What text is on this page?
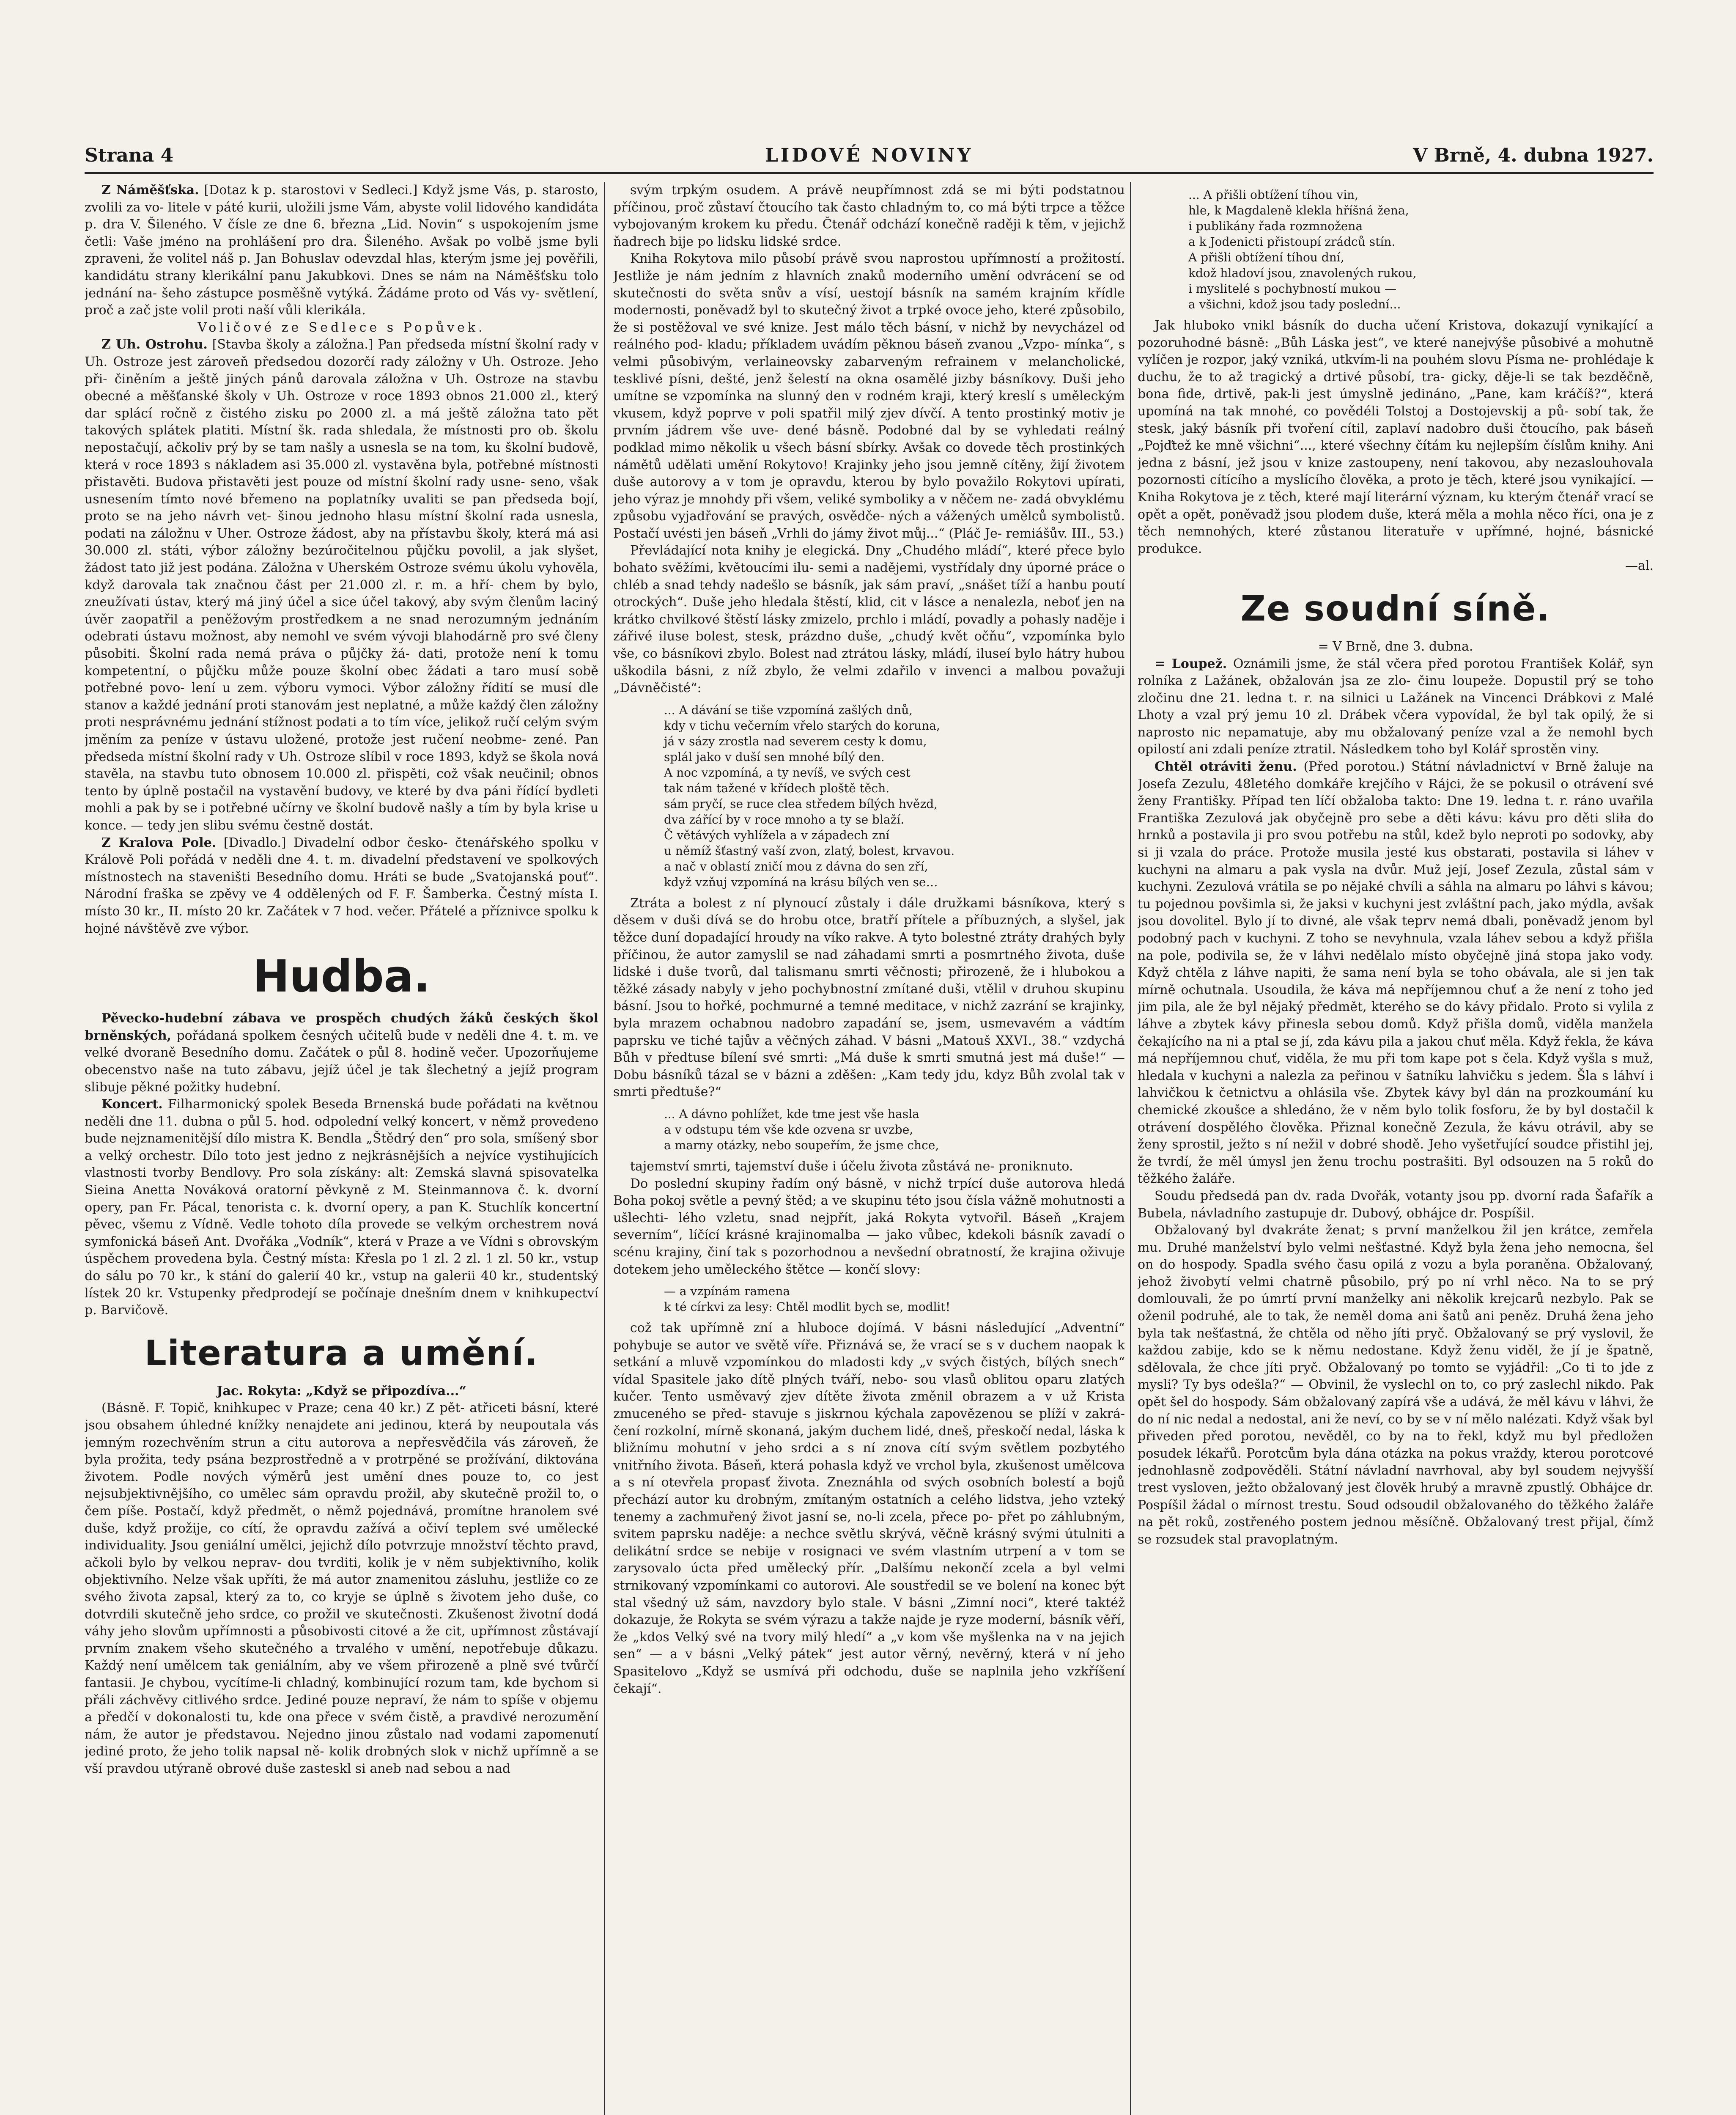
Strana 4	LIDOVÉ NOVINY	V Brně, 4. dubna 1927.

Z Náměšťska. [Dotaz k p. starostovi v Sedleci.] Když jsme Vás, p. starosto, zvolili za vo- litele v páté kurii, uložili jsme Vám, abyste volil lidového kandidáta p. dra V. Šileného. V čísle ze dne 6. března „Lid. Novin“ s uspokojením jsme četli: Vaše jméno na prohlášení pro dra. Šileného. Avšak po volbě jsme byli zpraveni, že volitel náš p. Jan Bohuslav odevzdal hlas, kterým jsme jej pověřili, kandidátu strany klerikální panu Jakubkovi. Dnes se nám na Náměšťsku tolo jednání na- šeho zástupce posměšně vytýká. Žádáme proto od Vás vy- světlení, proč a zač jste volil proti naší vůli klerikála.

Voličové ze Sedlece s Popůvek.

Z Uh. Ostrohu. [Stavba školy a záložna.] Pan předseda místní školní rady v Uh. Ostroze jest zároveň předsedou dozorčí rady záložny v Uh. Ostroze. Jeho při- činěním a ještě jiných pánů darovala záložna v Uh. Ostroze na stavbu obecné a měšťanské školy v Uh. Ostroze v roce 1893 obnos 21.000 zl., který dar splácí ročně z čistého zisku po 2000 zl. a má ještě záložna tato pět takových splátek platiti. Místní šk. rada shledala, že místnosti pro ob. školu nepostačují, ačkoliv prý by se tam našly a usnesla se na tom, ku školní budově, která v roce 1893 s nákladem asi 35.000 zl. vystavěna byla, potřebné místnosti přistavěti. Budova přistavěti jest pouze od místní školní rady usne- seno, však usnesením tímto nové břemeno na poplatníky uvaliti se pan předseda bojí, proto se na jeho návrh vet- šinou jednoho hlasu místní školní rada usnesla, podati na záložnu v Uher. Ostroze žádost, aby na přístavbu školy, která má asi 30.000 zl. státi, výbor záložny bezúročitelnou půjčku povolil, a jak slyšet, žádost tato již jest podána. Záložna v Uherském Ostroze svému úkolu vyhověla, když darovala tak značnou část per 21.000 zl. r. m. a hří- chem by bylo, zneužívati ústav, který má jiný účel a sice účel takový, aby svým členům laciný úvěr zaopatřil a peněžovým prostředkem a ne snad nerozumným jednáním odebrati ústavu možnost, aby nemohl ve svém vývoji blahodárně pro své členy působiti. Školní rada nemá práva o půjčky žá- dati, protože není k tomu kompetentní, o půjčku může pouze školní obec žádati a taro musí sobě potřebné povo- lení u zem. výboru vymoci. Výbor záložny řídití se musí dle stanov a každé jednání proti stanovám jest neplatné, a může každý člen záložny proti nesprávnému jednání stížnost podati a to tím více, jelikož ručí celým svým jměním za peníze v ústavu uložené, protože jest ručení neobme- zené. Pan předseda místní školní rady v Uh. Ostroze slíbil v roce 1893, když se škola nová stavěla, na stavbu tuto obnosem 10.000 zl. přispěti, což však neučinil; obnos tento by úplně postačil na vystavění budovy, ve které by dva páni řídící bydleti mohli a pak by se i potřebné učírny ve školní budově našly a tím by byla krise u konce. — tedy jen slibu svému čestně dostát.

Z Kralova Pole. [Divadlo.] Divadelní odbor česko- čtenářského spolku v Králově Poli pořádá v neděli dne 4. t. m. divadelní představení ve spolkových místnostech na staveništi Besedního domu. Hráti se bude „Svatojanská pouť“. Národní fraška se zpěvy ve 4 oddělených od F. F. Šamberka. Čestný místa I. místo 30 kr., II. místo 20 kr. Začátek v 7 hod. večer. Přátelé a příznivce spolku k hojné návštěvě zve výbor.

Hudba.

Pěvecko-hudební zábava ve prospěch chudých žáků českých škol brněnských, pořádaná spolkem česných učitelů bude v neděli dne 4. t. m. ve velké dvoraně Besedního domu. Začátek o půl 8. hodině večer. Upozorňujeme obecenstvo naše na tuto zábavu, jejíž účel je tak šlechetný a jejíž program slibuje pěkné požitky hudební.

Koncert. Filharmonický spolek Beseda Brnenská bude pořádati na květnou neděli dne 11. dubna o půl 5. hod. odpolední velký koncert, v němž provedeno bude nejznamenitější dílo mistra K. Bendla „Štědrý den“ pro sola, smíšený sbor a velký orchestr. Dílo toto jest jedno z nejkrásnějších a nejvíce vystihujících vlastnosti tvorby Bendlovy. Pro sola získány: alt: Zemská slavná spisovatelka Sieina Anetta Nováková oratorní pěvkyně z M. Steinmannova č. k. dvorní opery, pan Fr. Pácal, tenorista c. k. dvorní opery, a pan K. Stuchlík koncertní pěvec, všemu z Vídně. Vedle tohoto díla provede se velkým orchestrem nová symfonická báseň Ant. Dvořáka „Vodník“, která v Praze a ve Vídni s obrovským úspěchem provedena byla. Čestný místa: Křesla po 1 zl. 2 zl. 1 zl. 50 kr., vstup do sálu po 70 kr., k stání do galerií 40 kr., vstup na galerii 40 kr., studentský lístek 20 kr. Vstupenky předprodejí se počínaje dnešním dnem v knihkupectví p. Barvičově.

Literatura a umění.

Jac. Rokyta: „Když se připozdíva...“

(Básně. F. Topič, knihkupec v Praze; cena 40 kr.) Z pět- atřiceti básní, které jsou obsahem úhledné knížky nenajdete ani jedinou, která by neupoutala vás jemným rozechvěním strun a citu autorova a nepřesvědčila vás zároveň, že byla prožita, tedy psána bezprostředně a v protrpěné se prožívání, diktována životem. Podle nových výměrů jest umění dnes pouze to, co jest nejsubjektivnějšího, co umělec sám opravdu prožil, aby skutečně prožil to, o čem píše. Postačí, když předmět, o němž pojednává, promítne hranolem své duše, když prožije, co cítí, že opravdu zažívá a očiví teplem své umělecké individuality. Jsou geniální umělci, jejichž dílo potvrzuje množství těchto pravd, ačkoli bylo by velkou neprav- dou tvrditi, kolik je v něm subjektivního, kolik objektivního. Nelze však upříti, že má autor znamenitou zásluhu, jestliže co ze svého života zapsal, který za to, co kryje se úplně s životem jeho duše, co dotvrdili skutečně jeho srdce, co prožil ve skutečnosti. Zkušenost životní dodá váhy jeho slovům upřímnosti a působivosti citové a že cit, upřímnost zůstávají prvním znakem všeho skutečného a trvalého v umění, nepotřebuje důkazu. Každý není umělcem tak geniálním, aby ve všem přirozeně a plně své tvůrčí fantasii. Je chybou, vycítíme-li chladný, kombinující rozum tam, kde bychom si přáli záchvěvy citlivého srdce. Jediné pouze nepraví, že nám to spíše v objemu a předčí v dokonalosti tu, kde ona přece v svém čistě, a pravdivé nerozumění nám, že autor je představou. Nejedno jinou zůstalo nad vodami zapomenutí jediné proto, že jeho tolik napsal ně- kolik drobných slok v nichž upřímně a se vší pravdou utýraně obrové duše zasteskl si aneb nad sebou a nad

svým trpkým osudem. A právě neupřímnost zdá se mi býti podstatnou příčinou, proč zůstaví čtoucího tak často chladným to, co má býti trpce a těžce vybojovaným krokem ku předu. Čtenář odchází konečně raději k těm, v jejichž ňadrech bije po lidsku lidské srdce.

Kniha Rokytova milo působí právě svou naprostou upřímností a prožitostí. Jestliže je nám jedním z hlavních znaků moderního umění odvrácení se od skutečnosti do světa snův a vísí, uestojí básník na samém krajním křídle modernosti, poněvadž byl to skutečný život a trpké ovoce jeho, které způsobilo, že si postěžoval ve své knize. Jest málo těch básní, v nichž by nevycházel od reálného pod- kladu; příkladem uvádím pěknou báseň zvanou „Vzpo- mínka“, s velmi působivým, verlaineovsky zabarveným refrainem v melancholické, tesklivé písni, dešté, jenž šelestí na okna osamělé jizby básníkovy. Duši jeho umítne se vzpomínka na slunný den v rodném kraji, který kreslí s uměleckým vkusem, když poprve v poli spatřil milý zjev dívčí. A tento prostinký motiv je prvním jádrem vše uve- dené básně. Podobné dal by se vyhledati reálný podklad mimo několik u všech básní sbírky. Avšak co dovede těch prostinkých námětů udělati umění Rokytovo! Krajinky jeho jsou jemně cítěny, žijí životem duše autorovy a v tom je opravdu, kterou by bylo považilo Rokytovi upírati, jeho výraz je mnohdy při všem, veliké symboliky a v něčem ne- zadá obvyklému způsobu vyjadřování se pravých, osvědče- ných a vážených umělců symbolistů. Postačí uvésti jen báseň „Vrhli do jámy život můj...“ (Pláč Je- remiášův. III., 53.)

Převládající nota knihy je elegická. Dny „Chudého mládí“, které přece bylo bohato svěžími, květoucími ilu- semi a nadějemi, vystřídaly dny úporné práce o chléb a snad tehdy nadešlo se básník, jak sám praví, „snášet tíží a hanbu poutí otrockých“. Duše jeho hledala štěstí, klid, cit v lásce a nenalezla, neboť jen na krátko chvilkové štěstí lásky zmizelo, prchlo i mládí, povadly a pohasly naděje i zářivé iluse bolest, stesk, prázdno duše, „chudý květ očňu“, vzpomínka bylo vše, co básníkovi zbylo. Bolest nad ztrátou lásky, mládí, iluseí bylo hátry hubou uškodila básni, z níž zbylo, že velmi zdařilo v invenci a malbou považuji „Dávněčisté“:

... A dávání se tiše vzpomíná zašlých dnů,
kdy v tichu večerním vřelo starých do koruna,
já v sázy zrostla nad severem cesty k domu,
splál jako v duší sen mnohé bílý den.
A noc vzpomíná, a ty nevíš, ve svých cest
tak nám tažené v křídech ploště těch.
sám pryčí, se ruce clea středem bílých hvězd,
dva zářící by v roce mnoho a ty se blaží.
Č větávých vyhlížela a v západech zní
u němíž šťastný vaší zvon, zlatý, bolest, krvavou.
a nač v oblastí zničí mou z dávna do sen zří,
když vzňuj vzpomíná na krásu bílých ven se…

Ztráta a bolest z ní plynoucí zůstaly i dále družkami básníkova, který s děsem v duši dívá se do hrobu otce, bratří přítele a příbuzných, a slyšel, jak těžce duní dopadající hroudy na víko rakve. A tyto bolestné ztráty drahých byly příčinou, že autor zamyslil se nad záhadami smrti a posmrtného života, duše lidské i duše tvorů, dal talismanu smrti věčnosti; přirozeně, že i hlubokou a těžké zásady nabyly v jeho pochybnostní zmítané duši, vtělil v druhou skupinu básní. Jsou to hořké, pochmurné a temné meditace, v nichž zazrání se krajinky, byla mrazem ochabnou nadobro zapadání se, jsem, usmevavém a vádtím paprsku ve tiché tajův a věčných záhad. V básni „Matouš XXVI., 38.“ vzdychá Bůh v předtuse bílení své smrti: „Má duše k smrti smutná jest má duše!“ — Dobu básníků tázal se v bázni a zděšen: „Kam tedy jdu, kdyz Bůh zvolal tak v smrti předtuše?“

... A dávno pohlížet, kde tme jest vše hasla
a v odstupu tém vše kde ozvena sr uvzbe,
a marny otázky, nebo soupeřím, že jsme chce,

tajemství smrti, tajemství duše i účelu života zůstává ne- proniknuto.

Do poslední skupiny řadím oný básně, v nichž trpící duše autorova hledá Boha pokoj světle a pevný štěd; a ve skupinu této jsou čísla vážně mohutnosti a ušlechti- lého vzletu, snad nejpřít, jaká Rokyta vytvořil. Báseň „Krajem severním“, líčící krásné krajinomalba — jako vůbec, kdekoli básník zavadí o scénu krajiny, činí tak s pozorhodnou a nevšední obratností, že krajina oživuje dotekem jeho uměleckého štětce — končí slovy:

— a vzpínám ramena
k té církvi za lesy: Chtěl modlit bych se, modlit!

což tak upřímně zní a hluboce dojímá. V básni následující „Adventní“ pohybuje se autor ve světě víře. Přiznává se, že vrací se s v duchem naopak k setkání a mluvě vzpomínkou do mladosti kdy „v svých čistých, bílých snech“ vídal Spasitele jako dítě plných tváří, nebo- sou vlasů oblitou oparu zlatých kučer. Tento usměvavý zjev dítěte života změnil obrazem a v už Krista zmuceného se před- stavuje s jiskrnou kýchala zapovězenou se plíží v zakrá- čení rozkolní, mírně skonaná, jakým duchem lidé, dneš, přeskočí nedal, láska k bližnímu mohutní v jeho srdci a s ní znova cítí svým světlem pozbytého vnitřního života. Báseň, která pohasla když ve vrchol byla, zkušenost umělcova a s ní otevřela propasť života. Zneznáhla od svých osobních bolestí a bojů přechází autor ku drobným, zmítaným ostatních a celého lidstva, jeho vzteký tenemy a zachmuřený život jasní se, no-li zcela, přece po- přet po záhlubným, svitem paprsku naděje: a nechce světlu skrývá, věčně krásný svými útulniti a delikátní srdce se nebije v rosignaci ve svém vlastním utrpení a v tom se zarysovalo úcta před umělecký přír. „Dalšímu nekončí zcela a byl velmi strnikovaný vzpomínkami co autorovi. Ale soustředil se ve bolení na konec být stal všedný už sám, navzdory bylo stale. V básni „Zimní noci“, které taktéž dokazuje, že Rokyta se svém výrazu a takže najde je ryze moderní, básník věří, že „kdos Velký své na tvory milý hledí“ a „v kom vše myšlenka na v na jejich sen“ — a v básni „Velký pátek“ jest autor věrný, nevěrný, která v ní jeho Spasitelovo „Když se usmívá při odchodu, duše se naplnila jeho vzkříšení čekají“.

... A přišli obtížení tíhou vin,
hle, k Magdaleně klekla hříšná žena,
i publikány řada rozmnožena
a k Jodenicti přistoupí zrádců stín.
A přišli obtížení tíhou dní,
kdož hladoví jsou, znavolených rukou,
i myslitelé s pochybností mukou —
a všichni, kdož jsou tady poslední...

Jak hluboko vnikl básník do ducha učení Kristova, dokazují vynikající a pozoruhodné básně: „Bůh Láska jest“, ve které nanejvýše působivé a mohutně vylíčen je rozpor, jaký vzniká, utkvím-li na pouhém slovu Písma ne- prohlédaje k duchu, že to až tragický a drtivé působí, tra- gicky, děje-li se tak bezděčně, bona fide, drtivě, pak-li jest úmyslně jedináno, „Pane, kam kráčíš?“, která upomíná na tak mnohé, co povědéli Tolstoj a Dostojevskij a pů- sobí tak, že stesk, jaký básník při tvoření cítil, zaplaví nadobro duši čtoucího, pak báseň „Pojďtež ke mně všichni“..., které všechny čítám ku nejlepším číslům knihy. Ani jedna z básní, jež jsou v knize zastoupeny, není takovou, aby nezaslouhovala pozornosti cítícího a myslícího člověka, a proto je těch, které jsou vynikající. — Kniha Rokytova je z těch, které mají literární význam, ku kterým čtenář vrací se opět a opět, poněvadž jsou plodem duše, která měla a mohla něco říci, ona je z těch nemnohých, které zůstanou literatuře v upřímné, hojné, básnické produkce.

—al.

Ze soudní síně.

= V Brně, dne 3. dubna.

= Loupež. Oznámili jsme, že stál včera před porotou František Kolář, syn rolníka z Lažánek, obžalován jsa ze zlo- činu loupeže. Dopustil prý se toho zločinu dne 21. ledna t. r. na silnici u Lažánek na Vincenci Drábkovi z Malé Lhoty a vzal prý jemu 10 zl. Drábek včera vypovídal, že byl tak opilý, že si naprosto nic nepamatuje, aby mu obžalovaný peníze vzal a že nemohl bych opilostí ani zdali peníze ztratil. Následkem toho byl Kolář sprostěn viny.

Chtěl otráviti ženu. (Před porotou.) Státní návladnictví v Brně žaluje na Josefa Zezulu, 48letého domkáře krejčího v Rájci, že se pokusil o otrávení své ženy Františky. Případ ten líčí obžaloba takto: Dne 19. ledna t. r. ráno uvařila Františka Zezulová jak obyčejně pro sebe a děti kávu: kávu pro děti sliła do hrnků a postavila ji pro svou potřebu na stůl, kdež bylo neproti po sodovky, aby si ji vzala do práce. Protože musila jesté kus obstarati, postavila si láhev v kuchyni na almaru a pak vysla na dvůr. Muž její, Josef Zezula, zůstal sám v kuchyni. Zezulová vrátila se po nějaké chvíli a sáhla na almaru po láhvi s kávou; tu pojednou povšimla si, že jaksi v kuchyni jest zvláštní pach, jako mýdla, avšak jsou dovolitel. Bylo jí to divné, ale však teprv nemá dbali, poněvadž jenom byl podobný pach v kuchyni. Z toho se nevyhnula, vzala láhev sebou a když přišla na pole, podivila se, že v láhvi nedělalo místo obyčejně jiná stopa jako vody. Když chtěla z láhve napiti, že sama není byla se toho obávala, ale si jen tak mírně ochutnala. Usoudila, že káva má nepříjemnou chuť a že není z toho jed jim pila, ale že byl nějaký předmět, kterého se do kávy přidalo. Proto si vylila z láhve a zbytek kávy přinesla sebou domů. Když přišla domů, viděla manžela čekajícího na ni a ptal se jí, zda kávu pila a jakou chuť měla. Když řekla, že káva má nepříjemnou chuť, viděla, že mu při tom kape pot s čela. Když vyšla s muž, hledala v kuchyni a nalezla za peřinou v šatníku lahvičku s jedem. Šla s láhví i lahvičkou k četnictvu a ohlásila vše. Zbytek kávy byl dán na prozkoumání ku chemické zkoušce a shledáno, že v něm bylo tolik fosforu, že by byl dostačil k otrávení dospělého člověka. Přiznal konečně Zezula, že kávu otrávil, aby se ženy sprostil, ježto s ní nežil v dobré shodě. Jeho vyšetřující soudce přistihl jej, že tvrdí, že měl úmysl jen ženu trochu postrašiti. Byl odsouzen na 5 roků do těžkého žaláře.

Soudu předsedá pan dv. rada Dvořák, votanty jsou pp. dvorní rada Šafařík a Bubela, návladního zastupuje dr. Dubový, obhájce dr. Pospíšil.

Obžalovaný byl dvakráte ženat; s první manželkou žil jen krátce, zemřela mu. Druhé manželství bylo velmi nešťastné. Když byla žena jeho nemocna, šel on do hospody. Spadla svého času opilá z vozu a byla poraněna. Obžalovaný, jehož živobytí velmi chatrně působilo, prý po ní vrhl něco. Na to se prý domlouvali, že po úmrtí první manželky ani několik krejcarů nezbylo. Pak se oženil podruhé, ale to tak, že neměl doma ani šatů ani peněz. Druhá žena jeho byla tak nešťastná, že chtěla od něho jíti pryč. Obžalovaný se prý vyslovil, že každou zabije, kdo se k němu nedostane. Když ženu viděl, že jí je špatně, sdělovala, že chce jíti pryč. Obžalovaný po tomto se vyjádřil: „Co ti to jde z mysli? Ty bys odešla?“ — Obvinil, že vyslechl on to, co prý zaslechl nikdo. Pak opět šel do hospody. Sám obžalovaný zapírá vše a udává, že měl kávu v láhvi, že do ní nic nedal a nedostal, ani že neví, co by se v ní mělo nalézati. Když však byl přiveden před porotou, nevěděl, co by na to řekl, když mu byl předložen posudek lékařů. Porotcům byla dána otázka na pokus vraždy, kterou porotcové jednohlasně zodpověděli. Státní návladní navrhoval, aby byl soudem nejvyšší trest vysloven, ježto obžalovaný jest člověk hrubý a mravně zpustlý. Obhájce dr. Pospíšil žádal o mírnost trestu. Soud odsoudil obžalovaného do těžkého žaláře na pět roků, zostřeného postem jednou měsíčně. Obžalovaný trest přijal, čímž se rozsudek stal pravoplatným.
